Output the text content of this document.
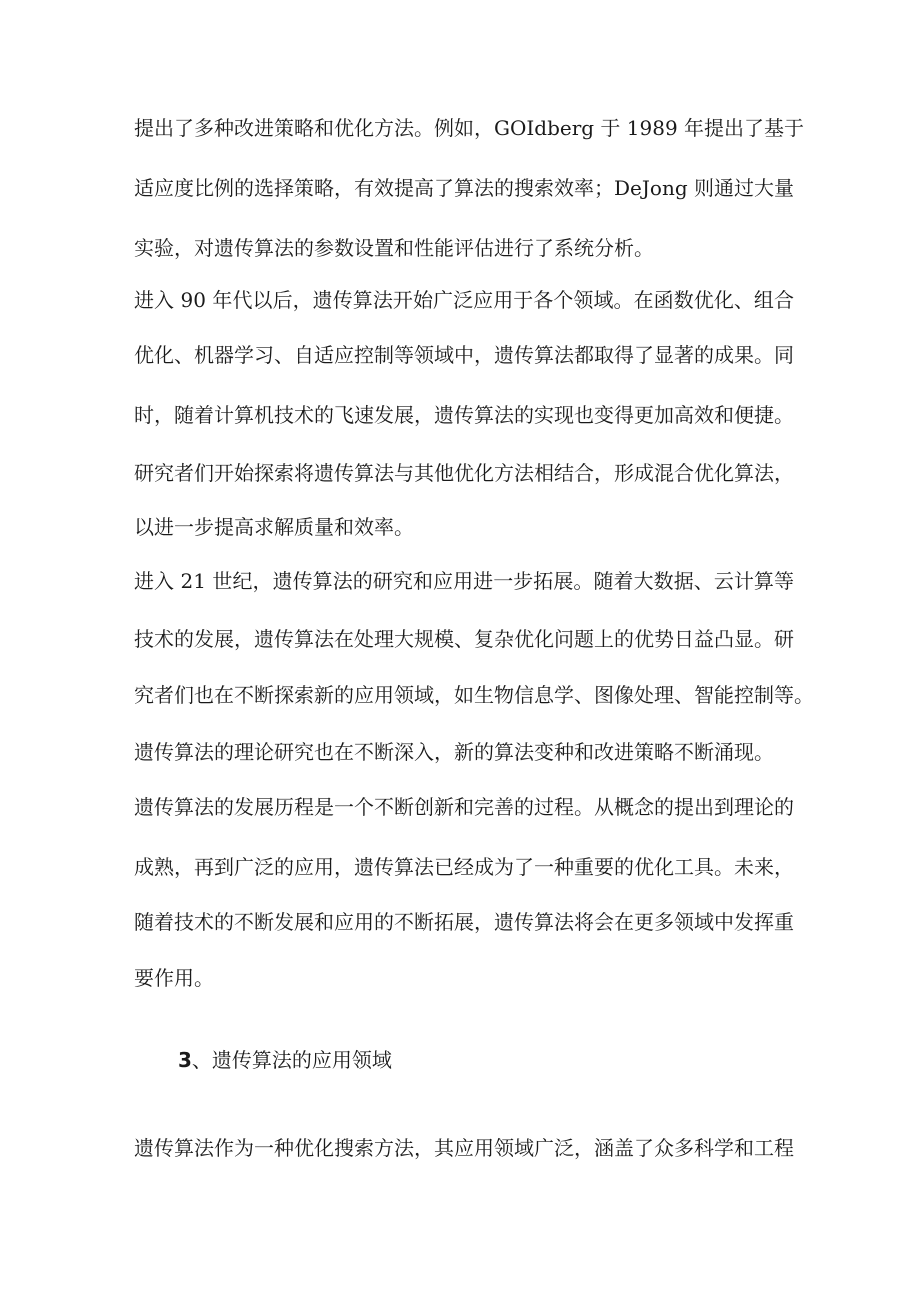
提出了多种改进策略和优化方法。例如，GOIdberg 于 1989 年提出了基于
适应度比例的选择策略，有效提高了算法的搜索效率；DeJong 则通过大量
实验，对遗传算法的参数设置和性能评估进行了系统分析。
进入 90 年代以后，遗传算法开始广泛应用于各个领域。在函数优化、组合
优化、机器学习、自适应控制等领域中，遗传算法都取得了显著的成果。同
时，随着计算机技术的飞速发展，遗传算法的实现也变得更加高效和便捷。
研究者们开始探索将遗传算法与其他优化方法相结合，形成混合优化算法，
以进一步提高求解质量和效率。
进入 21 世纪，遗传算法的研究和应用进一步拓展。随着大数据、云计算等
技术的发展，遗传算法在处理大规模、复杂优化问题上的优势日益凸显。研
究者们也在不断探索新的应用领域，如生物信息学、图像处理、智能控制等。
遗传算法的理论研究也在不断深入，新的算法变种和改进策略不断涌现。
遗传算法的发展历程是一个不断创新和完善的过程。从概念的提出到理论的
成熟，再到广泛的应用，遗传算法已经成为了一种重要的优化工具。未来，
随着技术的不断发展和应用的不断拓展，遗传算法将会在更多领域中发挥重
要作用。
3、遗传算法的应用领域
遗传算法作为一种优化搜索方法，其应用领域广泛，涵盖了众多科学和工程
